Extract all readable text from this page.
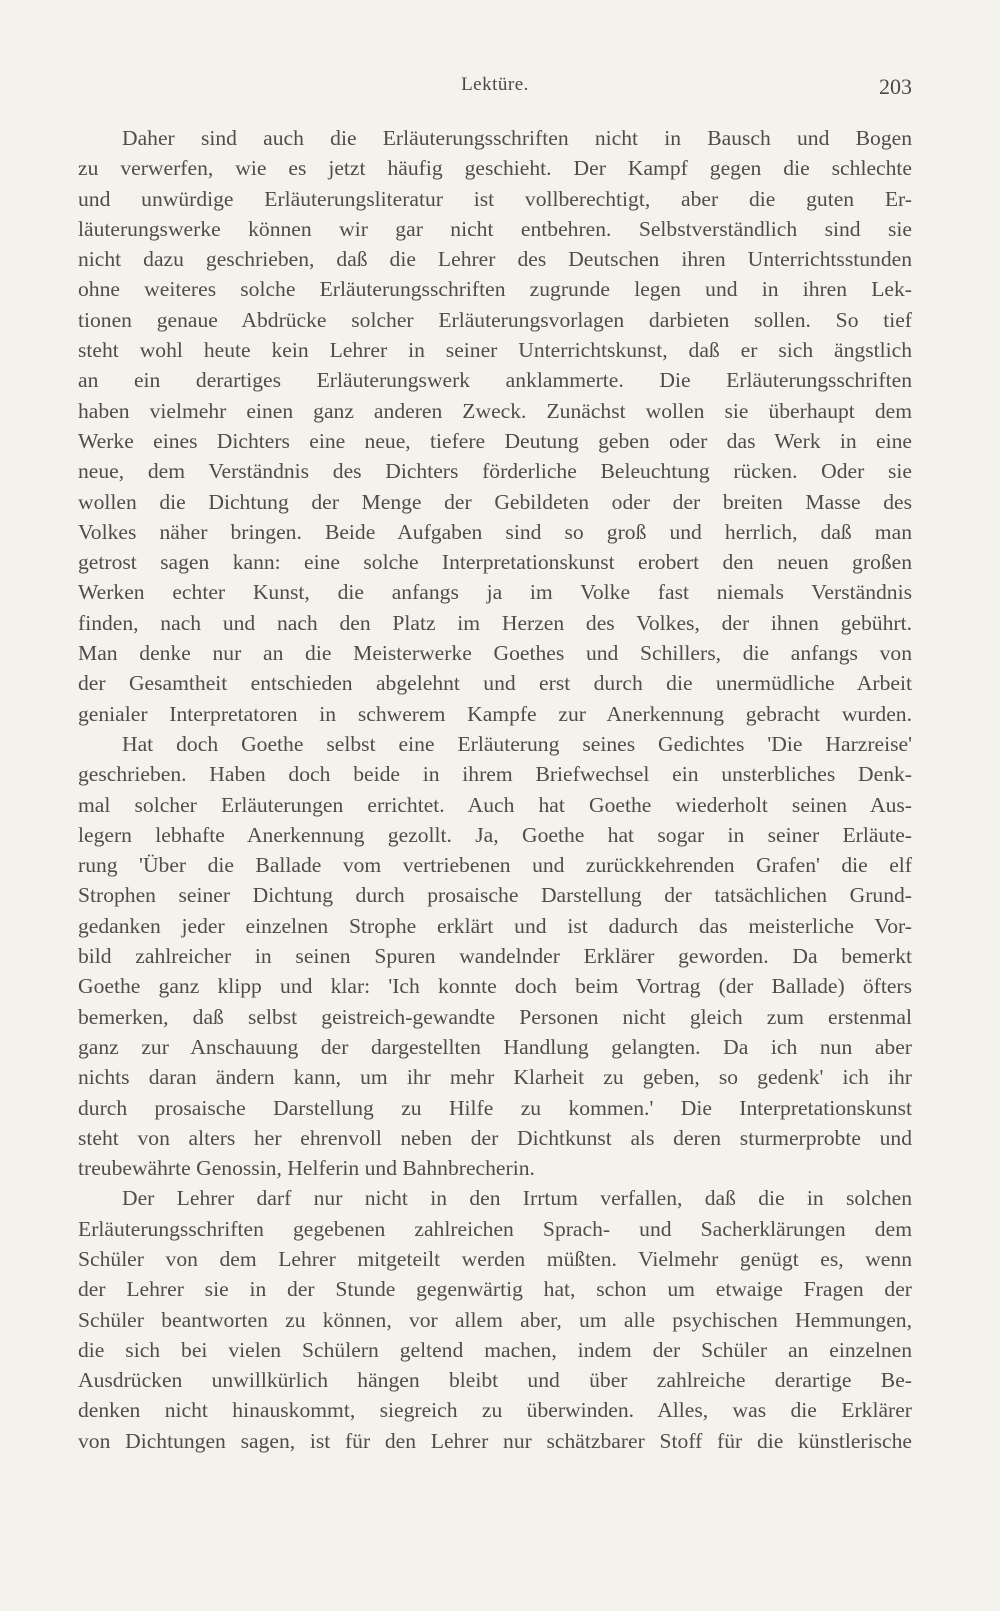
Lektüre.	203

Daher sind auch die Erläuterungsschriften nicht in Bausch und Bogen
zu verwerfen, wie es jetzt häufig geschieht. Der Kampf gegen die schlechte
und unwürdige Erläuterungsliteratur ist vollberechtigt, aber die guten Er-
läuterungswerke können wir gar nicht entbehren. Selbstverständlich sind sie
nicht dazu geschrieben, daß die Lehrer des Deutschen ihren Unterrichtsstunden
ohne weiteres solche Erläuterungsschriften zugrunde legen und in ihren Lek-
tionen genaue Abdrücke solcher Erläuterungsvorlagen darbieten sollen. So tief
steht wohl heute kein Lehrer in seiner Unterrichtskunst, daß er sich ängstlich
an ein derartiges Erläuterungswerk anklammerte. Die Erläuterungsschriften
haben vielmehr einen ganz anderen Zweck. Zunächst wollen sie überhaupt dem
Werke eines Dichters eine neue, tiefere Deutung geben oder das Werk in eine
neue, dem Verständnis des Dichters förderliche Beleuchtung rücken. Oder sie
wollen die Dichtung der Menge der Gebildeten oder der breiten Masse des
Volkes näher bringen. Beide Aufgaben sind so groß und herrlich, daß man
getrost sagen kann: eine solche Interpretationskunst erobert den neuen großen
Werken echter Kunst, die anfangs ja im Volke fast niemals Verständnis
finden, nach und nach den Platz im Herzen des Volkes, der ihnen gebührt.
Man denke nur an die Meisterwerke Goethes und Schillers, die anfangs von
der Gesamtheit entschieden abgelehnt und erst durch die unermüdliche Arbeit
genialer Interpretatoren in schwerem Kampfe zur Anerkennung gebracht wurden.

Hat doch Goethe selbst eine Erläuterung seines Gedichtes 'Die Harzreise'
geschrieben. Haben doch beide in ihrem Briefwechsel ein unsterbliches Denk-
mal solcher Erläuterungen errichtet. Auch hat Goethe wiederholt seinen Aus-
legern lebhafte Anerkennung gezollt. Ja, Goethe hat sogar in seiner Erläute-
rung 'Über die Ballade vom vertriebenen und zurückkehrenden Grafen' die elf
Strophen seiner Dichtung durch prosaische Darstellung der tatsächlichen Grund-
gedanken jeder einzelnen Strophe erklärt und ist dadurch das meisterliche Vor-
bild zahlreicher in seinen Spuren wandelnder Erklärer geworden. Da bemerkt
Goethe ganz klipp und klar: 'Ich konnte doch beim Vortrag (der Ballade) öfters
bemerken, daß selbst geistreich-gewandte Personen nicht gleich zum erstenmal
ganz zur Anschauung der dargestellten Handlung gelangten. Da ich nun aber
nichts daran ändern kann, um ihr mehr Klarheit zu geben, so gedenk' ich ihr
durch prosaische Darstellung zu Hilfe zu kommen.' Die Interpretationskunst
steht von alters her ehrenvoll neben der Dichtkunst als deren sturmerprobte und
treubewährte Genossin, Helferin und Bahnbrecherin.

Der Lehrer darf nur nicht in den Irrtum verfallen, daß die in solchen
Erläuterungsschriften gegebenen zahlreichen Sprach- und Sacherklärungen dem
Schüler von dem Lehrer mitgeteilt werden müßten. Vielmehr genügt es, wenn
der Lehrer sie in der Stunde gegenwärtig hat, schon um etwaige Fragen der
Schüler beantworten zu können, vor allem aber, um alle psychischen Hemmungen,
die sich bei vielen Schülern geltend machen, indem der Schüler an einzelnen
Ausdrücken unwillkürlich hängen bleibt und über zahlreiche derartige Be-
denken nicht hinauskommt, siegreich zu überwinden. Alles, was die Erklärer
von Dichtungen sagen, ist für den Lehrer nur schätzbarer Stoff für die künstlerische
